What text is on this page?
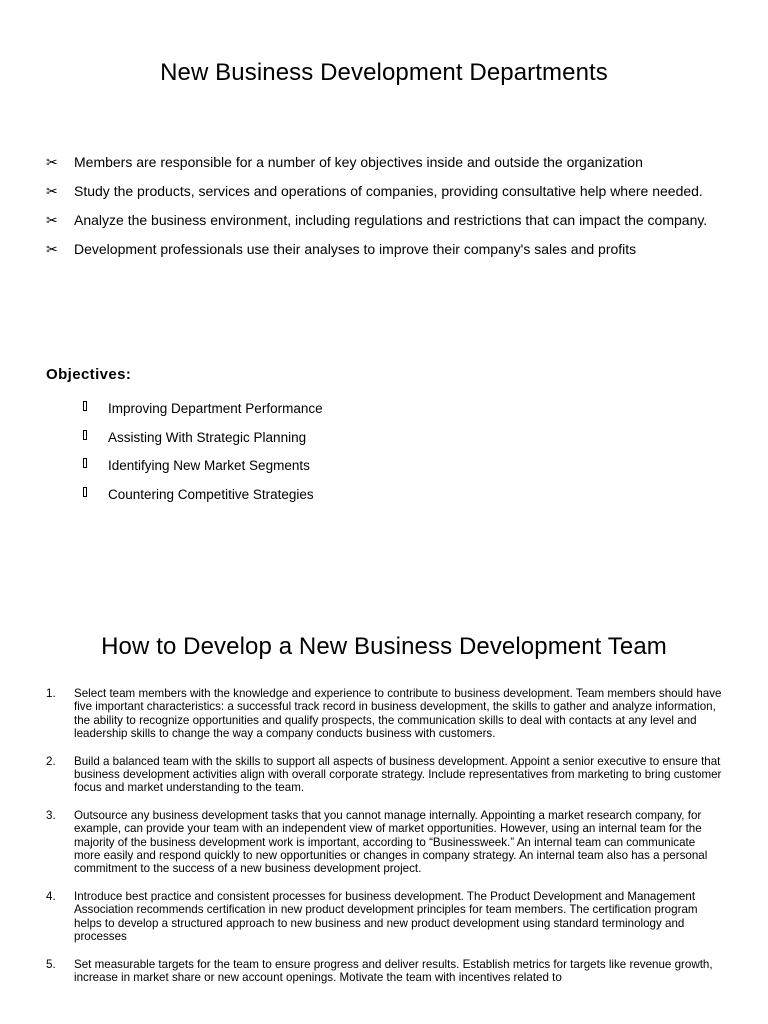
New Business Development Departments
✂	Members are responsible for a number of key objectives inside and outside the organization
✂	Study the products, services and operations of companies, providing consultative help where needed.
✂	Analyze the business environment, including regulations and restrictions that can impact the company.
✂	Development professionals use their analyses to improve their company's sales and profits

Objectives:

Improving Department Performance
Assisting With Strategic Planning
Identifying New Market Segments
Countering Competitive Strategies
How to Develop a New Business Development Team
1. Select team members with the knowledge and experience to contribute to business development. Team members should have five important characteristics: a successful track record in business development, the skills to gather and analyze information, the ability to recognize opportunities and qualify prospects, the communication skills to deal with contacts at any level and leadership skills to change the way a company conducts business with customers.
2. Build a balanced team with the skills to support all aspects of business development. Appoint a senior executive to ensure that business development activities align with overall corporate strategy. Include representatives from marketing to bring customer focus and market understanding to the team.
3. Outsource any business development tasks that you cannot manage internally. Appointing a market research company, for example, can provide your team with an independent view of market opportunities. However, using an internal team for the majority of the business development work is important, according to “Businessweek.” An internal team can communicate more easily and respond quickly to new opportunities or changes in company strategy. An internal team also has a personal commitment to the success of a new business development project.
4. Introduce best practice and consistent processes for business development. The Product Development and Management Association recommends certification in new product development principles for team members. The certification program helps to develop a structured approach to new business and new product development using standard terminology and processes
5. Set measurable targets for the team to ensure progress and deliver results. Establish metrics for targets like revenue growth, increase in market share or new account openings. Motivate the team with incentives related to
